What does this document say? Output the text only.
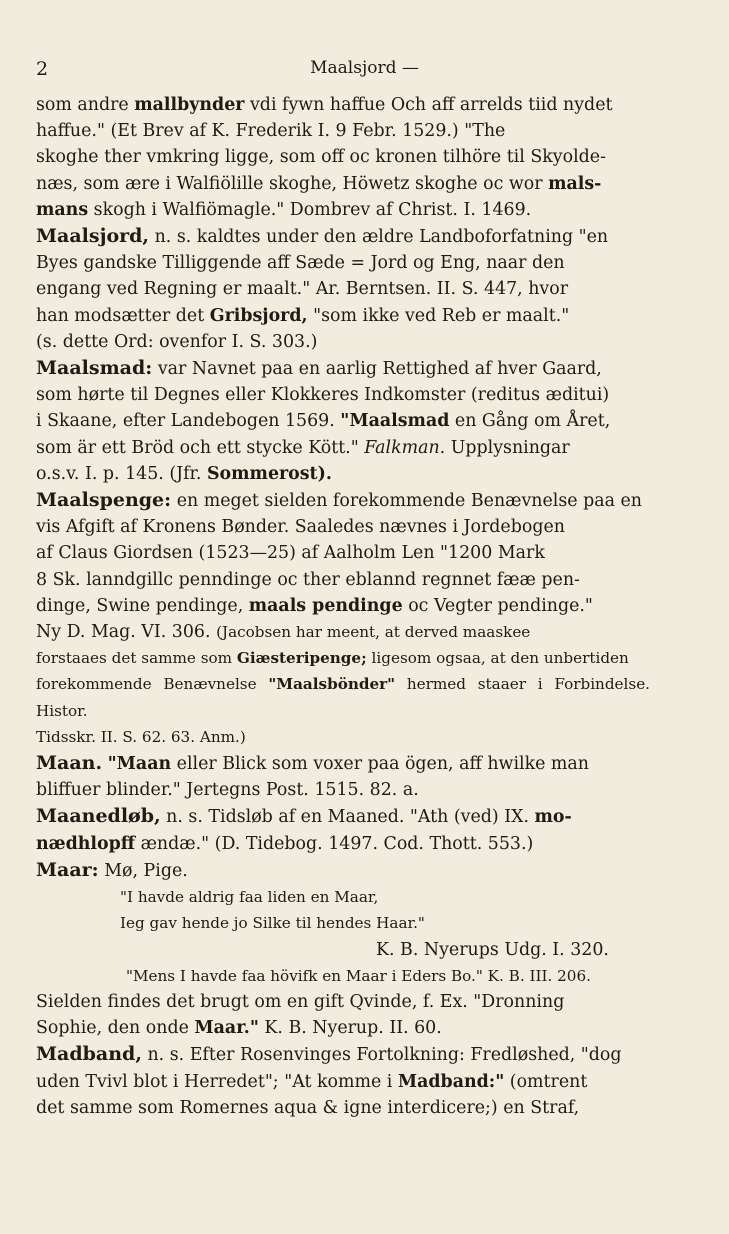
2	Maalsjord —

som andre mallbynder vdi fywn haffue Och aff arrelds tiid nydet

haffue." (Et Brev af K. Frederik I. 9 Febr. 1529.) "The

skoghe ther vmkring ligge, som off oc kronen tilhöre til Skyolde-

næs, som ære i Walfiölille skoghe, Höwetz skoghe oc wor mals-

mans skogh i Walfiömagle." Dombrev af Christ. I. 1469.

Maalsjord, n. s. kaldtes under den ældre Landboforfatning "en

Byes gandske Tilliggende aff Sæde = Jord og Eng, naar den

engang ved Regning er maalt." Ar. Berntsen. II. S. 447, hvor

han modsætter det Gribsjord, "som ikke ved Reb er maalt."

(s. dette Ord: ovenfor I. S. 303.)

Maalsmad: var Navnet paa en aarlig Rettighed af hver Gaard,

som hørte til Degnes eller Klokkeres Indkomster (reditus æditui)

i Skaane, efter Landebogen 1569. "Maalsmad en Gång om Året,

som är ett Bröd och ett stycke Kött." Falkman. Upplysningar

o.s.v. I. p. 145. (Jfr. Sommerost).

Maalspenge: en meget sielden forekommende Benævnelse paa en

vis Afgift af Kronens Bønder. Saaledes nævnes i Jordebogen

af Claus Giordsen (1523—25) af Aalholm Len "1200 Mark

8 Sk. lanndgillc penndinge oc ther eblannd regnnet fææ pen-

dinge, Swine pendinge, maals pendinge oc Vegter pendinge."

Ny D. Mag. VI. 306. (Jacobsen har meent, at derved maaskee

forstaaes det samme som Giæsteripenge; ligesom ogsaa, at den unbertiden

forekommende Benævnelse "Maalsbönder" hermed staaer i Forbindelse. Histor.

Tidsskr. II. S. 62. 63. Anm.)

Maan. "Maan eller Blick som voxer paa ögen, aff hwilke man

bliffuer blinder." Jertegns Post. 1515. 82. a.

Maanedløb, n. s. Tidsløb af en Maaned. "Ath (ved) IX. mo-

nædhlopff ændæ." (D. Tidebog. 1497. Cod. Thott. 553.)

Maar: Mø, Pige.

"I havde aldrig faa liden en Maar,

Ieg gav hende jo Silke til hendes Haar."

K. B. Nyerups Udg. I. 320.

"Mens I havde faa hövifk en Maar i Eders Bo." K. B. III. 206.

Sielden findes det brugt om en gift Qvinde, f. Ex. "Dronning

Sophie, den onde Maar." K. B. Nyerup. II. 60.

Madband, n. s. Efter Rosenvinges Fortolkning: Fredløshed, "dog

uden Tvivl blot i Herredet"; "At komme i Madband:" (omtrent

det samme som Romernes aqua & igne interdicere;) en Straf,
